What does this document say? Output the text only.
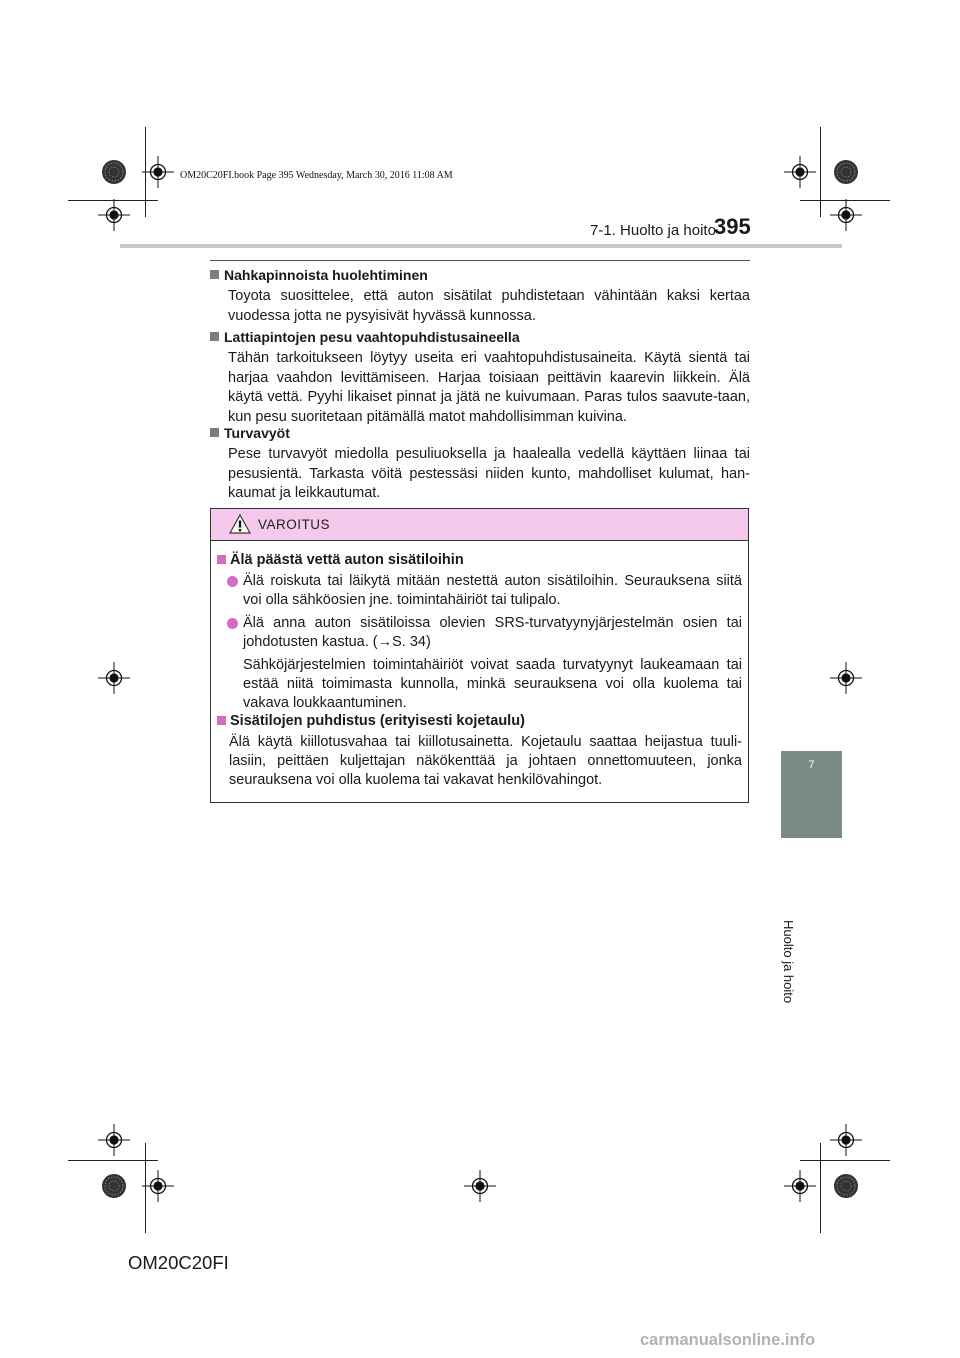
OM20C20FI.book Page 395 Wednesday, March 30, 2016 11:08 AM
7-1. Huolto ja hoito
395
7
Huolto ja hoito
Nahkapinnoista huolehtiminen
Toyota suosittelee, että auton sisätilat puhdistetaan vähintään kaksi kertaa vuodessa jotta ne pysyisivät hyvässä kunnossa.
Lattiapintojen pesu vaahtopuhdistusaineella
Tähän tarkoitukseen löytyy useita eri vaahtopuhdistusaineita. Käytä sientä tai harjaa vaahdon levittämiseen. Harjaa toisiaan peittävin kaarevin liikkein. Älä käytä vettä. Pyyhi likaiset pinnat ja jätä ne kuivumaan. Paras tulos saavute-taan, kun pesu suoritetaan pitämällä matot mahdollisimman kuivina.
Turvavyöt
Pese turvavyöt miedolla pesuliuoksella ja haalealla vedellä käyttäen liinaa tai pesusientä. Tarkasta vöitä pestessäsi niiden kunto, mahdolliset kulumat, han-kaumat ja leikkautumat.
VAROITUS
Älä päästä vettä auton sisätiloihin
Älä roiskuta tai läikytä mitään nestettä auton sisätiloihin. Seurauksena siitä voi olla sähköosien jne. toimintahäiriöt tai tulipalo.
Älä anna auton sisätiloissa olevien SRS-turvatyynyjärjestelmän osien tai johdotusten kastua. (→S. 34)
Sähköjärjestelmien toimintahäiriöt voivat saada turvatyynyt laukeamaan tai estää niitä toimimasta kunnolla, minkä seurauksena voi olla kuolema tai vakava loukkaantuminen.
Sisätilojen puhdistus (erityisesti kojetaulu)
Älä käytä kiillotusvahaa tai kiillotusainetta. Kojetaulu saattaa heijastua tuuli-lasiin, peittäen kuljettajan näkökenttää ja johtaen onnettomuuteen, jonka seurauksena voi olla kuolema tai vakavat henkilövahingot.
OM20C20FI
carmanualsonline.info
